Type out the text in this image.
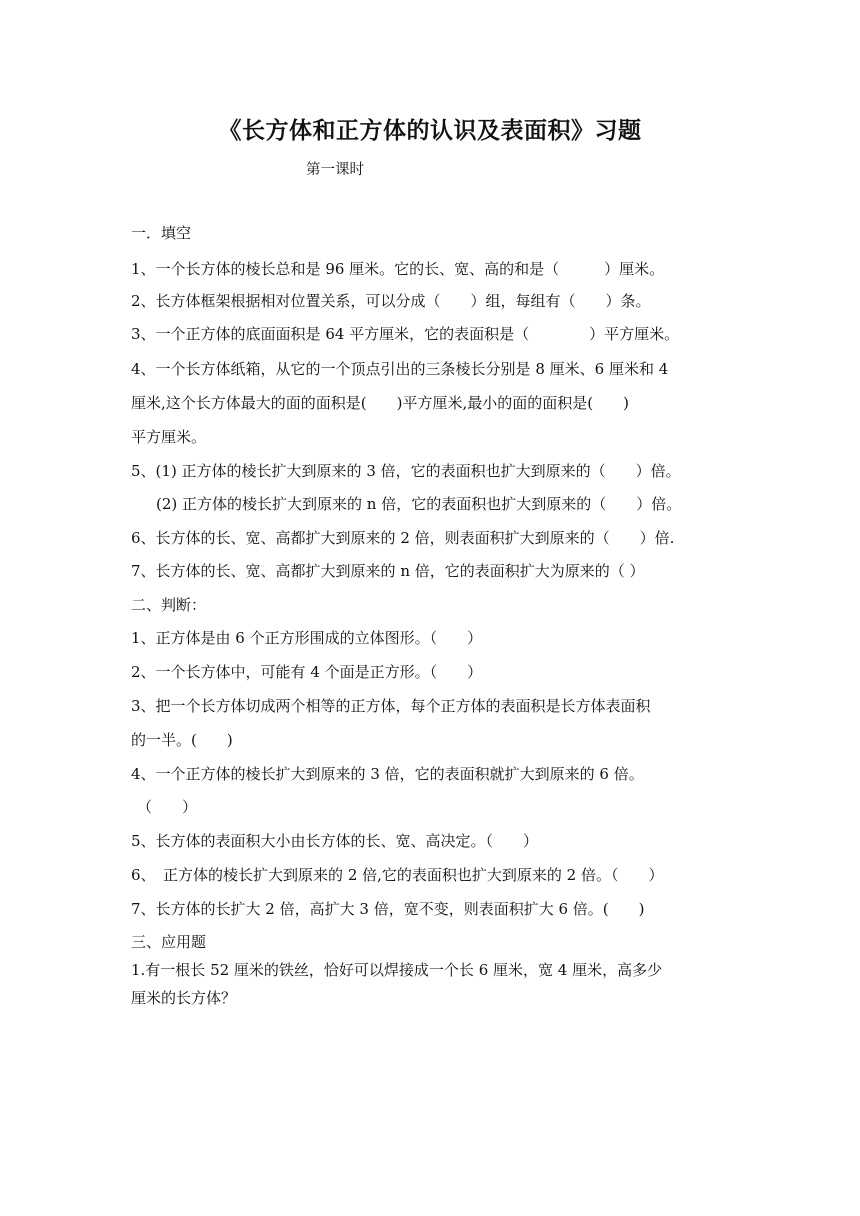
《长方体和正方体的认识及表面积》习题
第一课时
一．填空
1、一个长方体的棱长总和是 96 厘米。它的长、宽、高的和是（　　　）厘米。
2、长方体框架根据相对位置关系，可以分成（　　）组，每组有（　　）条。
3、一个正方体的底面面积是 64 平方厘米，它的表面积是（　　　　）平方厘米。
4、一个长方体纸箱，从它的一个顶点引出的三条棱长分别是 8 厘米、6 厘米和 4
厘米,这个长方体最大的面的面积是(　　)平方厘米,最小的面的面积是(　　)
平方厘米。
5、(1) 正方体的棱长扩大到原来的 3 倍，它的表面积也扩大到原来的（　　）倍。
(2) 正方体的棱长扩大到原来的 n 倍，它的表面积也扩大到原来的（　　）倍。
6、长方体的长、宽、高都扩大到原来的 2 倍，则表面积扩大到原来的（　　）倍.
7、长方体的长、宽、高都扩大到原来的 n 倍，它的表面积扩大为原来的（ ）
二、判断：
1、正方体是由 6 个正方形围成的立体图形。（　　）
2、一个长方体中，可能有 4 个面是正方形。（　　）
3、把一个长方体切成两个相等的正方体，每个正方体的表面积是长方体表面积
的一半。(　　)
4、一个正方体的棱长扩大到原来的 3 倍，它的表面积就扩大到原来的 6 倍。
（　　）
5、长方体的表面积大小由长方体的长、宽、高决定。（　　）
6、　正方体的棱长扩大到原来的 2 倍,它的表面积也扩大到原来的 2 倍。（　　）
7、长方体的长扩大 2 倍，高扩大 3 倍，宽不变，则表面积扩大 6 倍。(　　)
三、应用题
1.有一根长 52 厘米的铁丝，恰好可以焊接成一个长 6 厘米，宽 4 厘米，高多少
厘米的长方体？
